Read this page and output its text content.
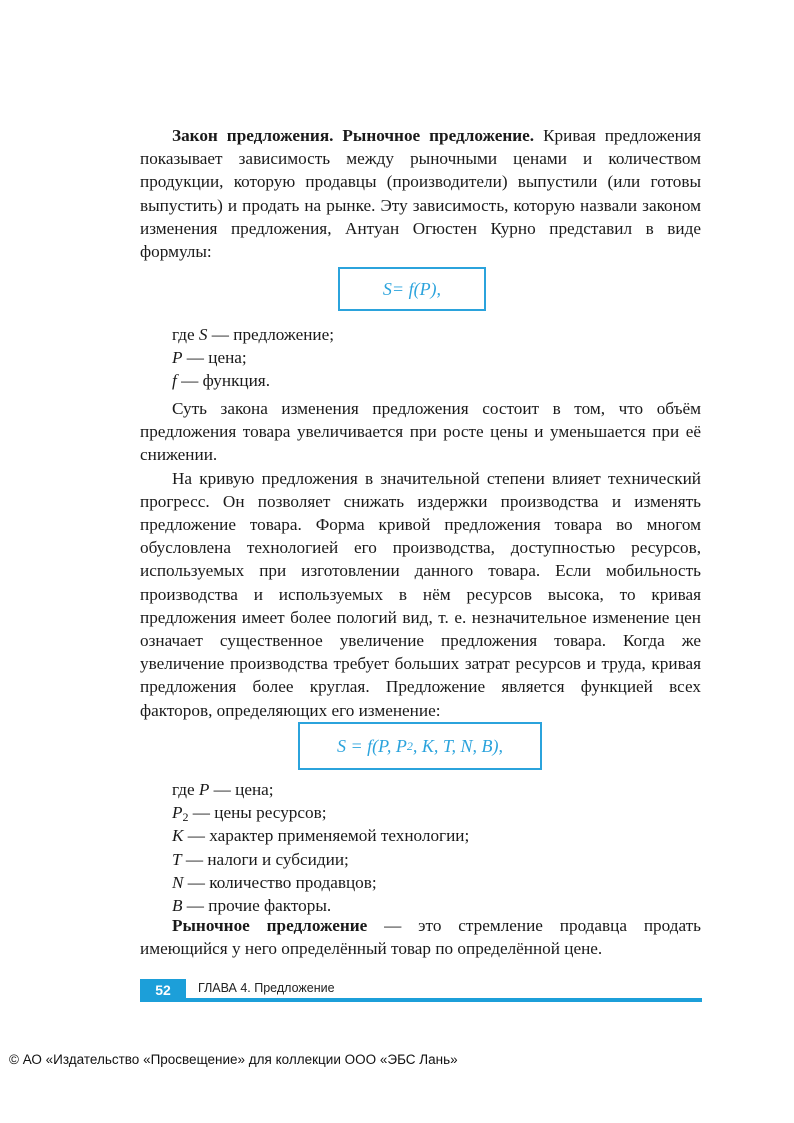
Закон предложения. Рыночное предложение. Кривая предложения показывает зависимость между рыночными ценами и количеством продукции, которую продавцы (производители) выпустили (или готовы выпустить) и продать на рынке. Эту зависимость, которую назвали законом изменения предложения, Антуан Огюстен Курно представил в виде формулы:

S = f(P),
где S — предложение;
P — цена;
f — функция.

Суть закона изменения предложения состоит в том, что объём предложения товара увеличивается при росте цены и уменьшается при её снижении.

На кривую предложения в значительной степени влияет технический прогресс. Он позволяет снижать издержки производства и изменять предложение товара. Форма кривой предложения товара во многом обусловлена технологией его производства, доступностью ресурсов, используемых при изготовлении данного товара. Если мобильность производства и используемых в нём ресурсов высока, то кривая предложения имеет более пологий вид, т. е. незначительное изменение цен означает существенное увеличение предложения товара. Когда же увеличение производства требует больших затрат ресурсов и труда, кривая предложения более круглая. Предложение является функцией всех факторов, определяющих его изменение:

S = f(P, P 2 , K, T, N, B),
где P — цена;
$P_2$ — цены ресурсов;
K — характер применяемой технологии;
T — налоги и субсидии;
N — количество продавцов;
B — прочие факторы.

Рыночное предложение — это стремление продавца продать имеющийся у него определённый товар по определённой цене.

52	ГЛАВА 4. Предложение
© АО «Издательство «Просвещение» для коллекции ООО «ЭБС Лань»
